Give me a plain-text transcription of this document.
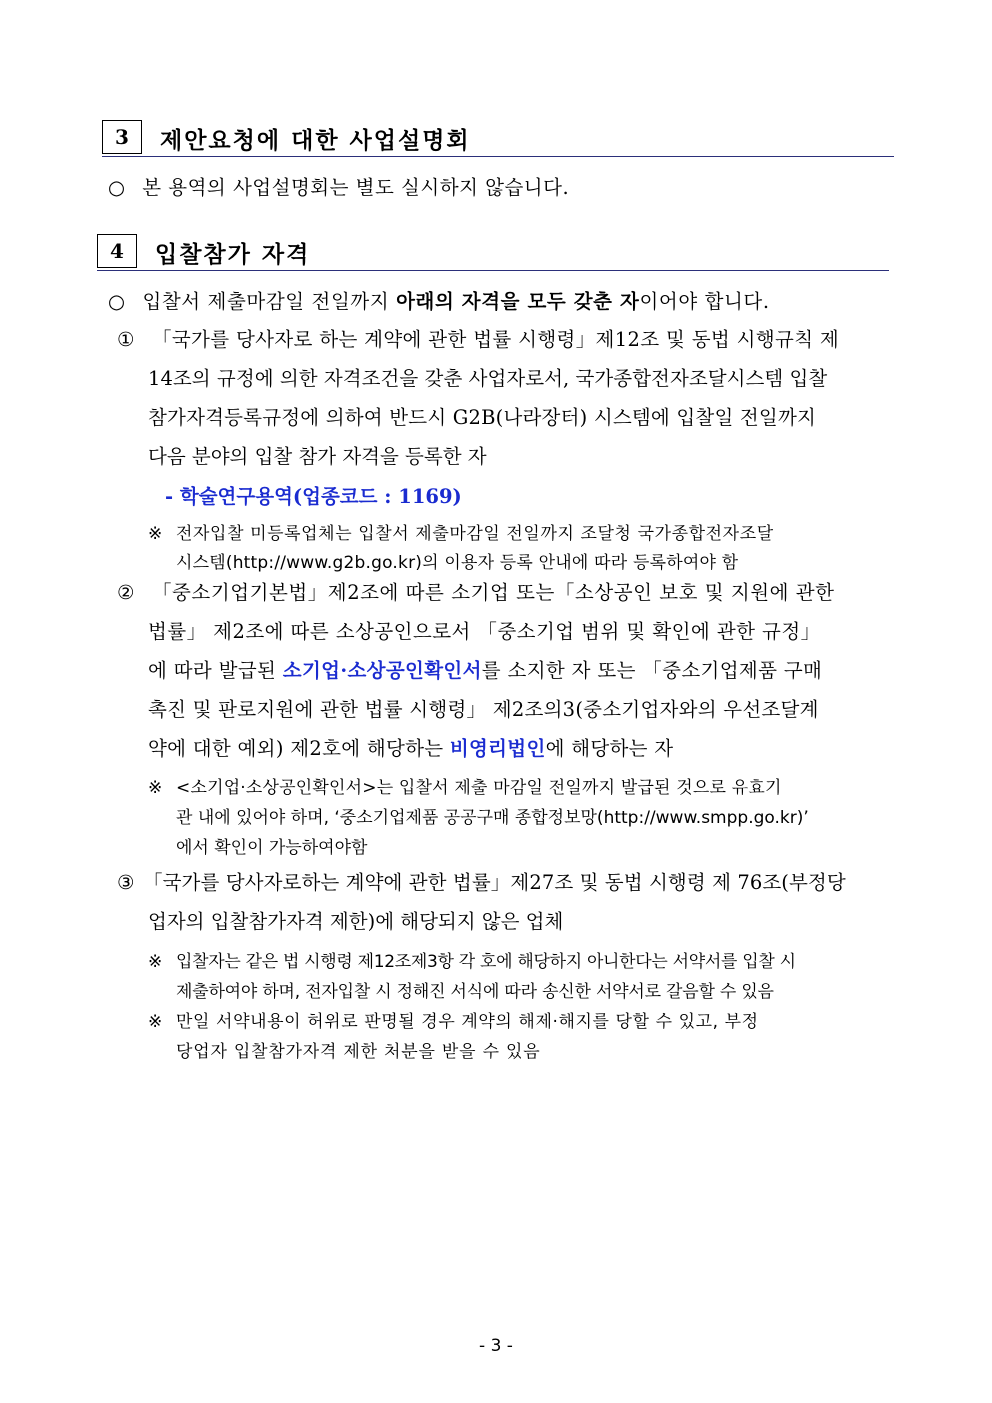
3	제안요청에 대한 사업설명회
○ 본 용역의 사업설명회는 별도 실시하지 않습니다.
4	입찰참가 자격
○ 입찰서 제출마감일 전일까지 아래의 자격을 모두 갖춘 자이어야 합니다.
① 「국가를 당사자로 하는 계약에 관한 법률 시행령」제12조 및 동법 시행규칙 제
14조의 규정에 의한 자격조건을 갖춘 사업자로서, 국가종합전자조달시스템 입찰
참가자격등록규정에 의하여 반드시 G2B(나라장터) 시스템에 입찰일 전일까지
다음 분야의 입찰 참가 자격을 등록한 자
- 학술연구용역(업종코드 : 1169)
※ 전자입찰 미등록업체는 입찰서 제출마감일 전일까지 조달청 국가종합전자조달
시스템(http://www.g2b.go.kr)의 이용자 등록 안내에 따라 등록하여야 함
② 「중소기업기본법」제2조에 따른 소기업 또는「소상공인 보호 및 지원에 관한
법률」 제2조에 따른 소상공인으로서 「중소기업 범위 및 확인에 관한 규정」
에 따라 발급된 소기업·소상공인확인서를 소지한 자 또는 「중소기업제품 구매
촉진 및 판로지원에 관한 법률 시행령」 제2조의3(중소기업자와의 우선조달계
약에 대한 예외) 제2호에 해당하는 비영리법인에 해당하는 자
※ <소기업·소상공인확인서>는 입찰서 제출 마감일 전일까지 발급된 것으로 유효기
관 내에 있어야 하며, ‘중소기업제품 공공구매 종합정보망(http://www.smpp.go.kr)’
에서 확인이 가능하여야함
③ 「국가를 당사자로하는 계약에 관한 법률」제27조 및 동법 시행령 제 76조(부정당
업자의 입찰참가자격 제한)에 해당되지 않은 업체
※ 입찰자는 같은 법 시행령 제12조제3항 각 호에 해당하지 아니한다는 서약서를 입찰 시
제출하여야 하며, 전자입찰 시 정해진 서식에 따라 송신한 서약서로 갈음할 수 있음
※ 만일 서약내용이 허위로 판명될 경우 계약의 해제·해지를 당할 수 있고, 부정
당업자 입찰참가자격 제한 처분을 받을 수 있음
- 3 -
